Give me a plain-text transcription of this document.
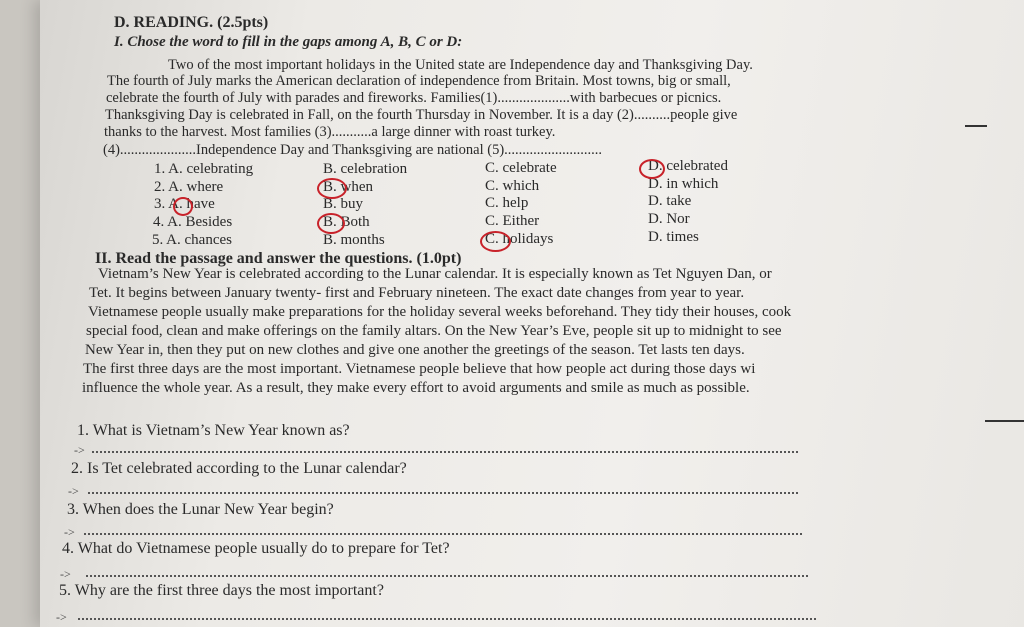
D. READING. (2.5pts)
I. Chose the word to fill in the gaps among A, B, C or D:
Two of the most important holidays in the United state are Independence day and Thanksgiving Day.
The fourth of July marks the American declaration of independence from Britain. Most towns, big or small,
celebrate the fourth of July with parades and fireworks. Families(1)....................with barbecues or picnics.
Thanksgiving Day is celebrated in Fall, on the fourth Thursday in November. It is a day (2)..........people give
thanks to the harvest. Most families (3)...........a large dinner with roast turkey.
(4).....................Independence Day and Thanksgiving are national (5)...........................
1. A. celebrating	B. celebration	C. celebrate	D. celebrated
2. A. where	B. when	C. which	D. in which
3. A. have	B. buy	C. help	D. take
4. A. Besides	B. Both	C. Either	D. Nor
5. A. chances	B. months	C. holidays	D. times
II. Read the passage and answer the questions. (1.0pt)
Vietnam’s New Year is celebrated according to the Lunar calendar. It is especially known as Tet Nguyen Dan, or
Tet. It begins between January twenty- first and February nineteen. The exact date changes from year to year.
Vietnamese people usually make preparations for the holiday several weeks beforehand. They tidy their houses, cook
special food, clean and make offerings on the family altars. On the New Year’s Eve, people sit up to midnight to see
New Year in, then they put on new clothes and give one another the greetings of the season. Tet lasts ten days.
The first three days are the most important. Vietnamese people believe that how people act during those days wi
influence the whole year. As a result, they make every effort to avoid arguments and smile as much as possible.
1. What is Vietnam’s New Year known as?
->
2. Is Tet celebrated according to the Lunar calendar?
->
3. When does the Lunar New Year begin?
->
4. What do Vietnamese people usually do to prepare for Tet?
->
5. Why are the first three days the most important?
->
